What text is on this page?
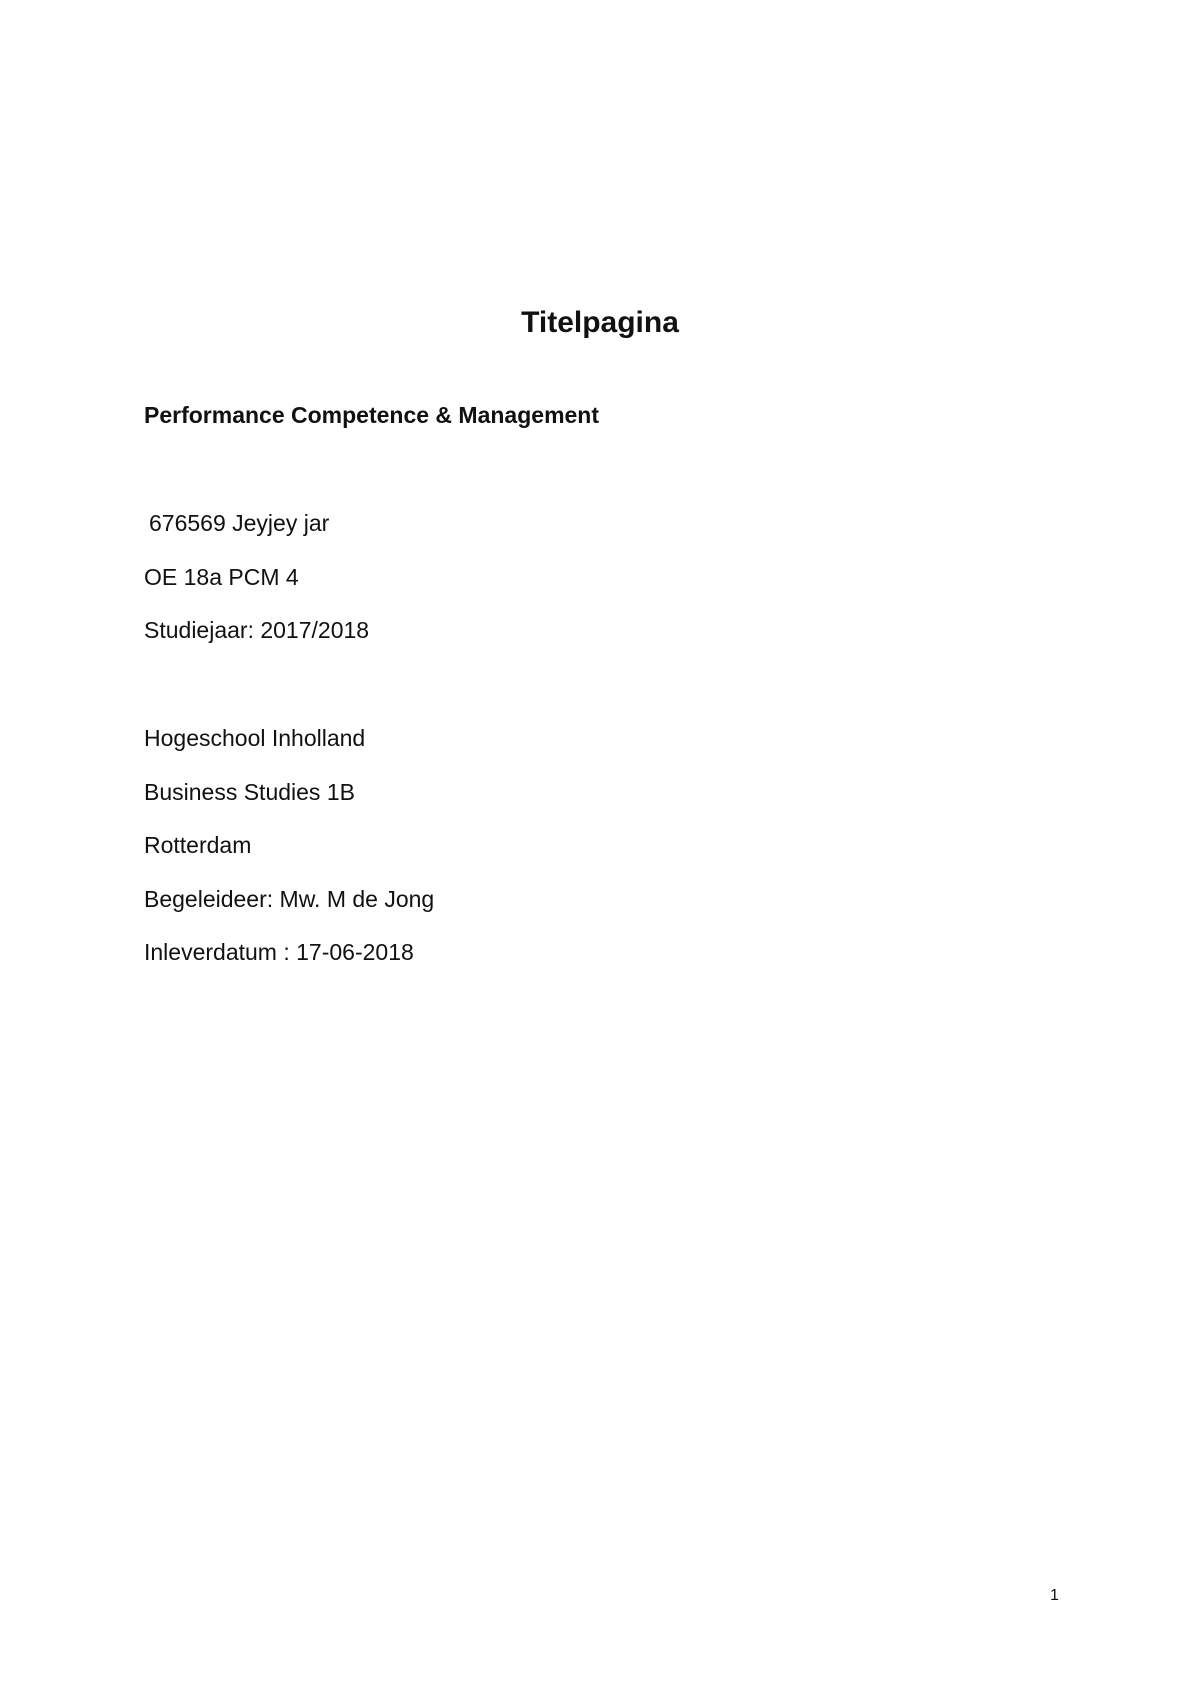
Titelpagina
Performance Competence & Management
676569 Jeyjey jar
OE 18a PCM 4
Studiejaar: 2017/2018
Hogeschool Inholland
Business Studies 1B
Rotterdam
Begeleideer: Mw. M de Jong
Inleverdatum : 17-06-2018
1
